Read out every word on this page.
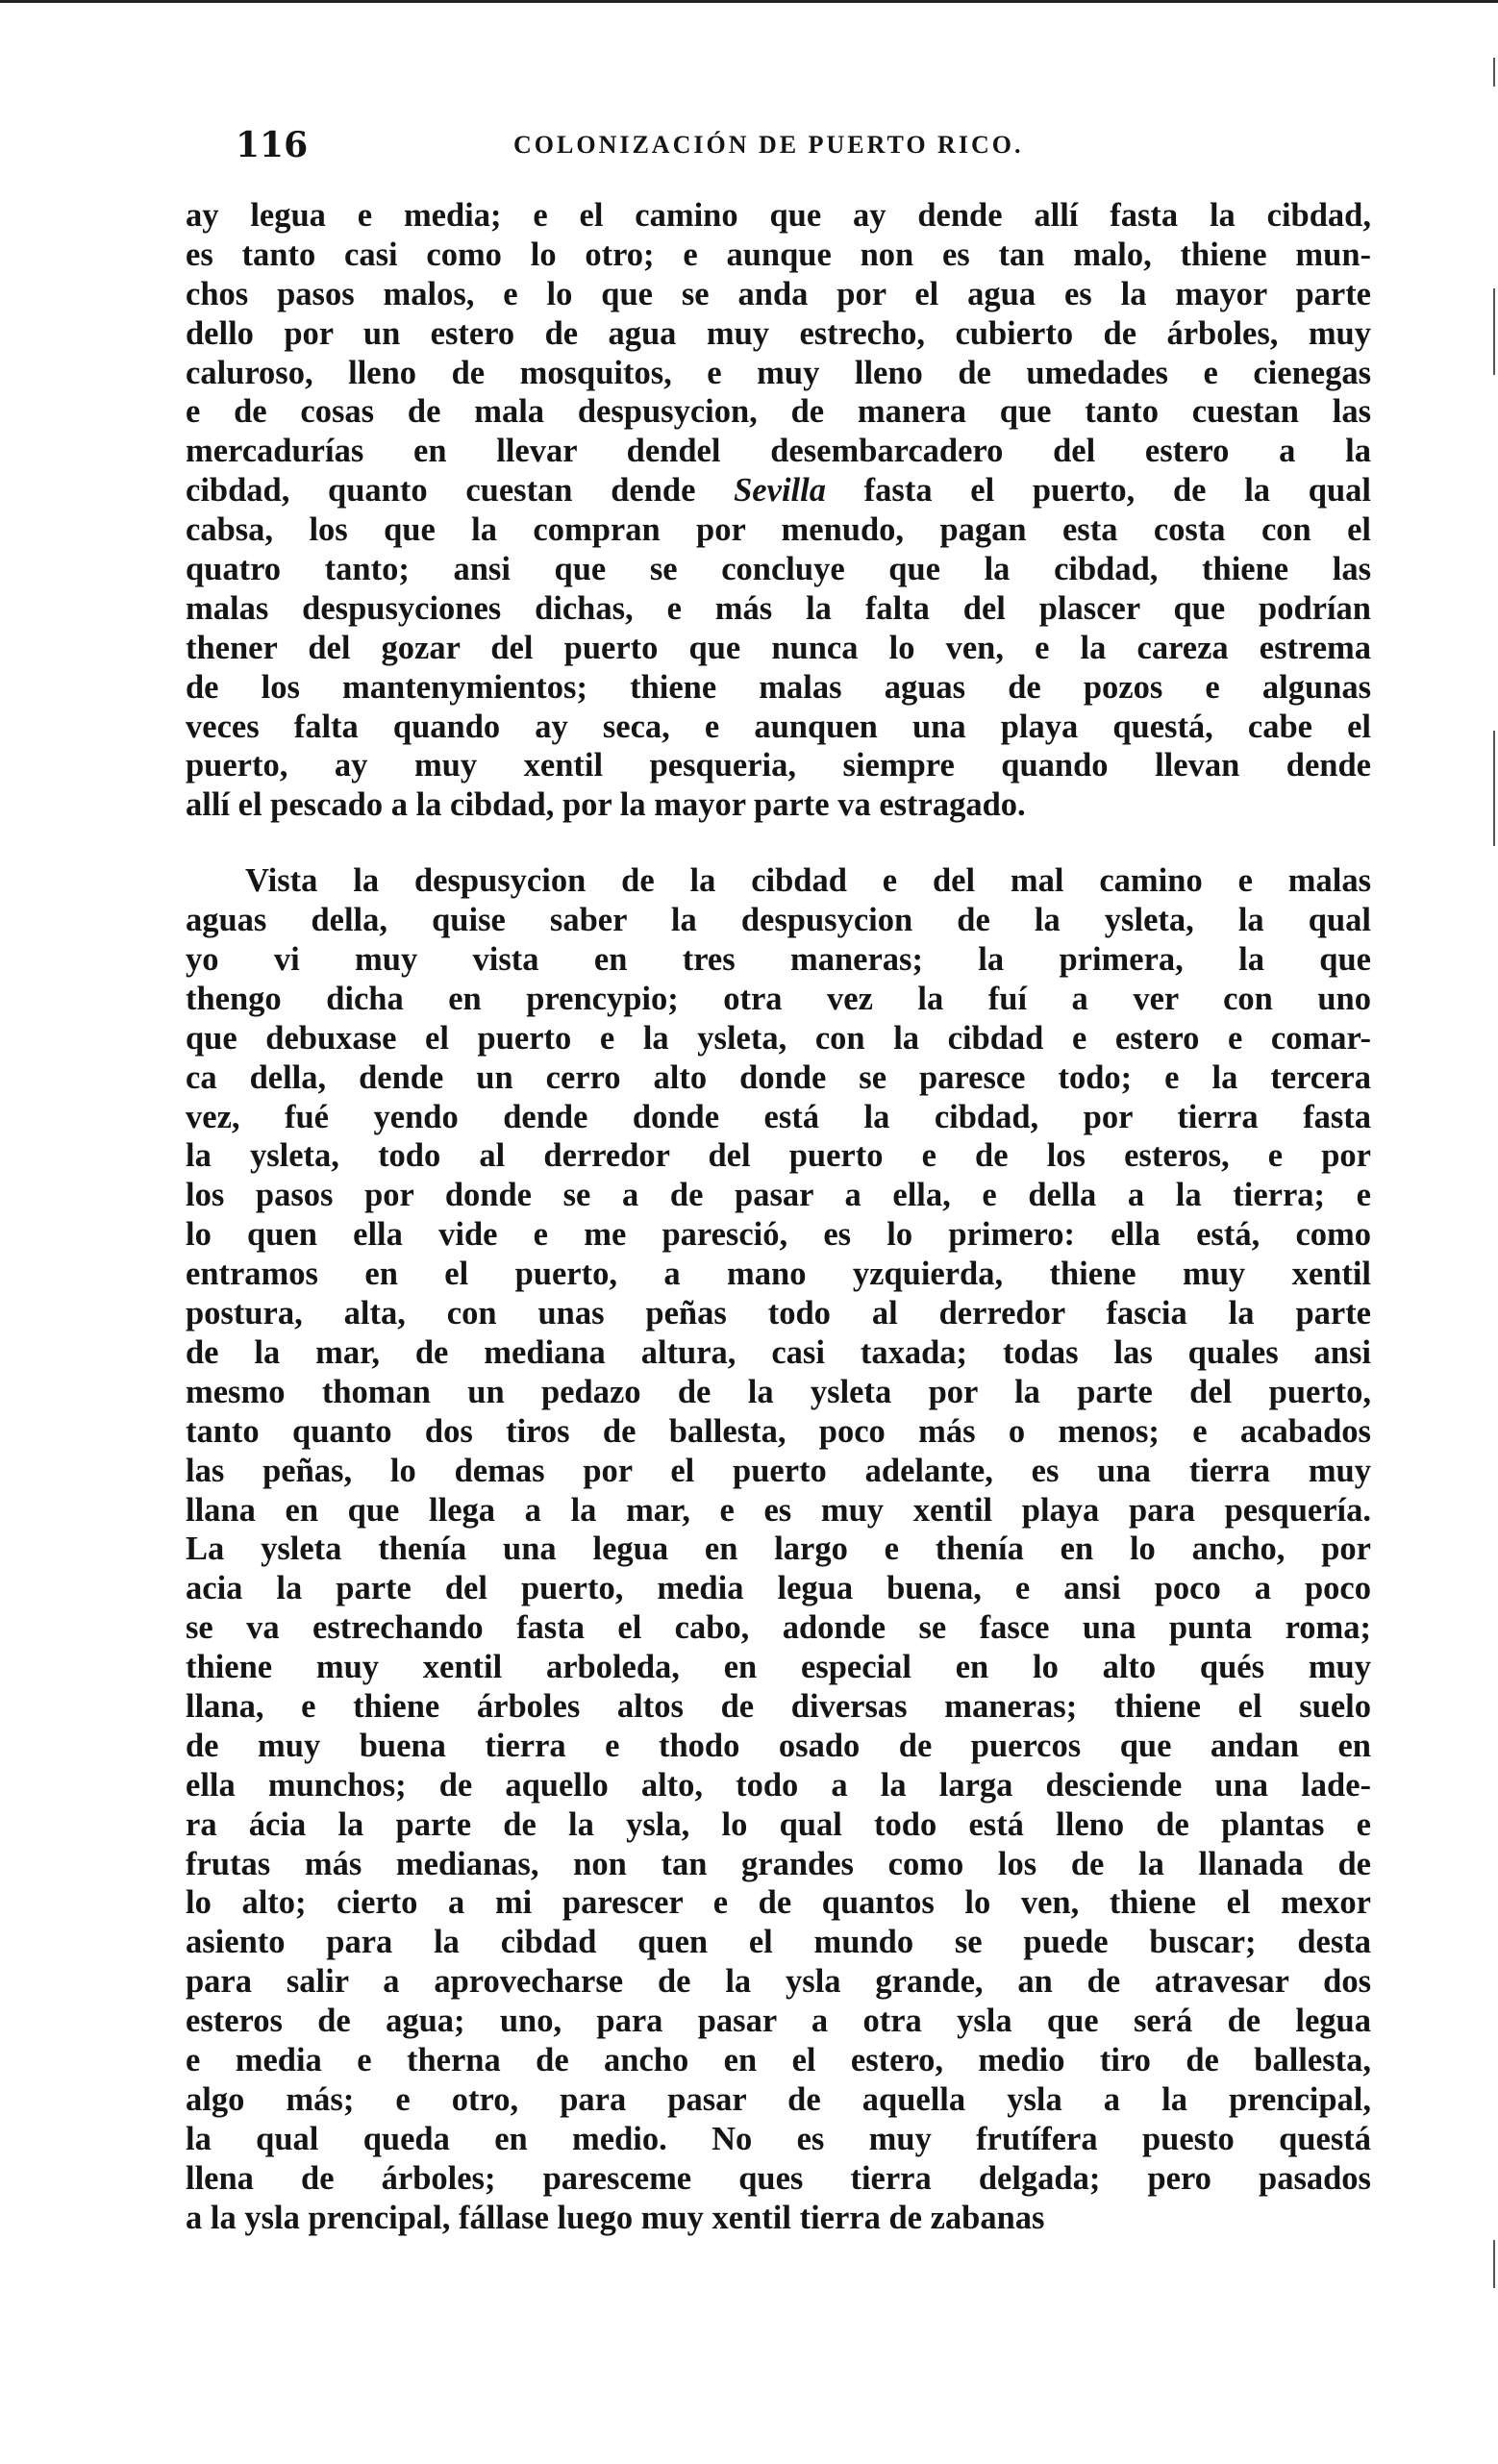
116	COLONIZACIÓN DE PUERTO RICO.
ay legua e media; e el camino que ay dende allí fasta la cibdad,
es tanto casi como lo otro; e aunque non es tan malo, thiene mun-
chos pasos malos, e lo que se anda por el agua es la mayor parte
dello por un estero de agua muy estrecho, cubierto de árboles, muy
caluroso, lleno de mosquitos, e muy lleno de umedades e cienegas
e de cosas de mala despusycion, de manera que tanto cuestan las
mercadurías en llevar dendel desembarcadero del estero a la
cibdad, quanto cuestan dende Sevilla fasta el puerto, de la qual
cabsa, los que la compran por menudo, pagan esta costa con el
quatro tanto; ansi que se concluye que la cibdad, thiene las
malas despusyciones dichas, e más la falta del plascer que podrían
thener del gozar del puerto que nunca lo ven, e la careza estrema
de los mantenymientos; thiene malas aguas de pozos e algunas
veces falta quando ay seca, e aunquen una playa questá, cabe el
puerto, ay muy xentil pesqueria, siempre quando llevan dende
allí el pescado a la cibdad, por la mayor parte va estragado.
Vista la despusycion de la cibdad e del mal camino e malas
aguas della, quise saber la despusycion de la ysleta, la qual
yo vi muy vista en tres maneras; la primera, la que
thengo dicha en prencypio; otra vez la fuí a ver con uno
que debuxase el puerto e la ysleta, con la cibdad e estero e comar-
ca della, dende un cerro alto donde se paresce todo; e la tercera
vez, fué yendo dende donde está la cibdad, por tierra fasta
la ysleta, todo al derredor del puerto e de los esteros, e por
los pasos por donde se a de pasar a ella, e della a la tierra; e
lo quen ella vide e me paresció, es lo primero: ella está, como
entramos en el puerto, a mano yzquierda, thiene muy xentil
postura, alta, con unas peñas todo al derredor fascia la parte
de la mar, de mediana altura, casi taxada; todas las quales ansi
mesmo thoman un pedazo de la ysleta por la parte del puerto,
tanto quanto dos tiros de ballesta, poco más o menos; e acabados
las peñas, lo demas por el puerto adelante, es una tierra muy
llana en que llega a la mar, e es muy xentil playa para pesquería.
La ysleta thenía una legua en largo e thenía en lo ancho, por
acia la parte del puerto, media legua buena, e ansi poco a poco
se va estrechando fasta el cabo, adonde se fasce una punta roma;
thiene muy xentil arboleda, en especial en lo alto qués muy
llana, e thiene árboles altos de diversas maneras; thiene el suelo
de muy buena tierra e thodo osado de puercos que andan en
ella munchos; de aquello alto, todo a la larga desciende una lade-
ra ácia la parte de la ysla, lo qual todo está lleno de plantas e
frutas más medianas, non tan grandes como los de la llanada de
lo alto; cierto a mi parescer e de quantos lo ven, thiene el mexor
asiento para la cibdad quen el mundo se puede buscar; desta
para salir a aprovecharse de la ysla grande, an de atravesar dos
esteros de agua; uno, para pasar a otra ysla que será de legua
e media e therna de ancho en el estero, medio tiro de ballesta,
algo más; e otro, para pasar de aquella ysla a la prencipal,
la qual queda en medio. No es muy frutífera puesto questá
llena de árboles; paresceme ques tierra delgada; pero pasados
a la ysla prencipal, fállase luego muy xentil tierra de zabanas
